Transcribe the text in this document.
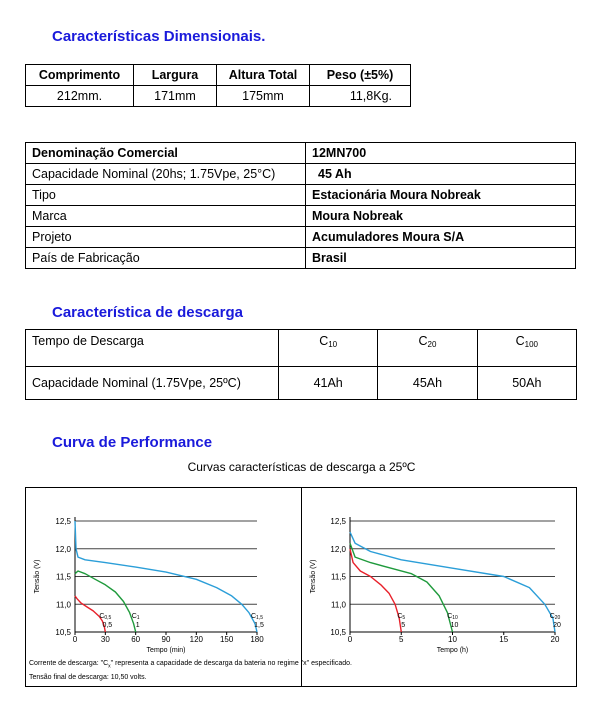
Características Dimensionais.
Comprimento	Largura	Altura Total	Peso (±5%)
212mm.	171mm	175mm	11,8Kg.
Denominação Comercial	12MN700
Capacidade Nominal (20hs; 1.75Vpe, 25°C)	45 Ah
Tipo	Estacionária Moura Nobreak
Marca	Moura Nobreak
Projeto	Acumuladores Moura S/A
País de Fabricação	Brasil
Característica de descarga
Tempo de Descarga	$C_{10}$	$C_{20}$	$C_{100}$
Capacidade Nominal (1.75Vpe, 25ºC)	41Ah	45Ah	50Ah
Curva de Performance
Curvas características de descarga a 25ºC
10,5
11,0
11,5
12,0
12,5
0	30	60	90 120 150 180
Tempo (min)
Tensão (V)
C0,5
0,5
C1
1
C1,5
1,5
10,5
11,0
11,5
12,0
12,5
0	5	10	15	20
Tempo (h)
Tensão (V)
C5
5
C10
10
C20
20
Corrente de descarga: "$C_x$" representa a capacidade de descarga da bateria no regime "x" especificado.
Tensão final de descarga: 10,50 volts.
